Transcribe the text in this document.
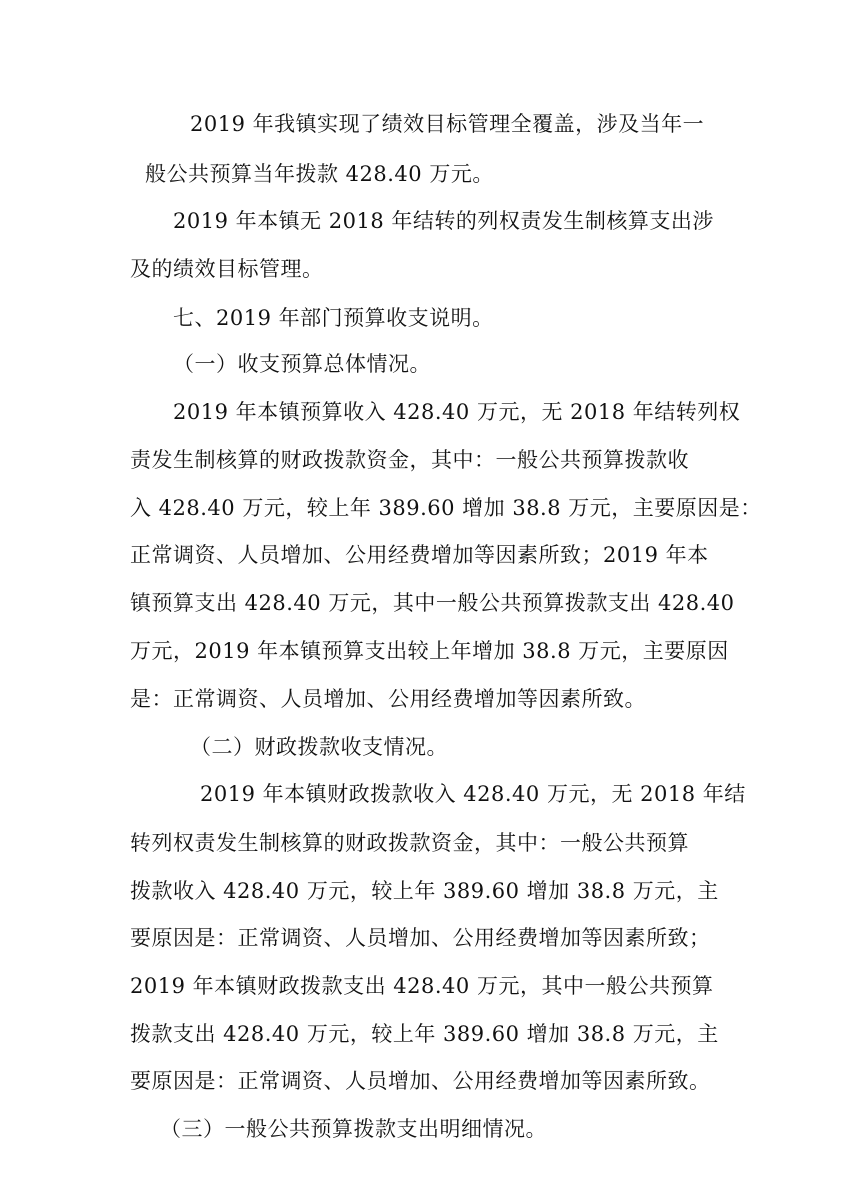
2019 年我镇实现了绩效目标管理全覆盖，涉及当年一
般公共预算当年拨款 428.40 万元。
2019 年本镇无 2018 年结转的列权责发生制核算支出涉
及的绩效目标管理。
七、2019 年部门预算收支说明。
（一）收支预算总体情况。
2019 年本镇预算收入 428.40 万元，无 2018 年结转列权
责发生制核算的财政拨款资金，其中：一般公共预算拨款收
入 428.40 万元，较上年 389.60 增加 38.8 万元，主要原因是：
正常调资、人员增加、公用经费增加等因素所致；2019 年本
镇预算支出 428.40 万元，其中一般公共预算拨款支出 428.40
万元，2019 年本镇预算支出较上年增加 38.8 万元，主要原因
是：正常调资、人员增加、公用经费增加等因素所致。
（二）财政拨款收支情况。
2019 年本镇财政拨款收入 428.40 万元，无 2018 年结
转列权责发生制核算的财政拨款资金，其中：一般公共预算
拨款收入 428.40 万元，较上年 389.60 增加 38.8 万元，主
要原因是：正常调资、人员增加、公用经费增加等因素所致；
2019 年本镇财政拨款支出 428.40 万元，其中一般公共预算
拨款支出 428.40 万元，较上年 389.60 增加 38.8 万元，主
要原因是：正常调资、人员增加、公用经费增加等因素所致。
（三）一般公共预算拨款支出明细情况。
